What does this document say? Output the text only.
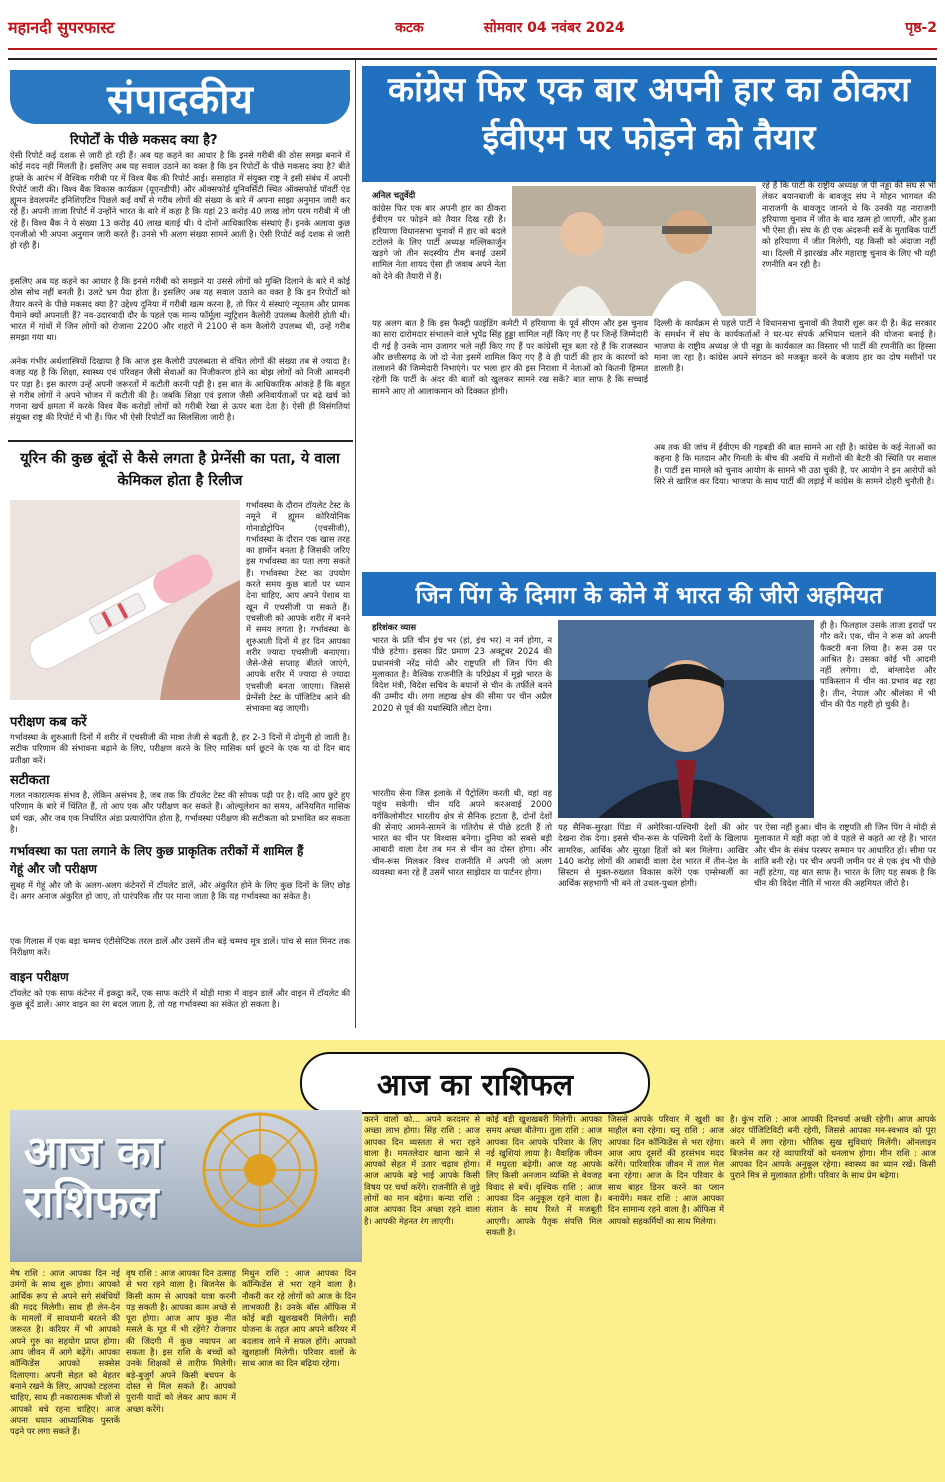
महानदी सुपरफास्ट	कटक	सोमवार 04 नवंबर 2024	पृष्ठ-2
संपादकीय
रिपोर्टों के पीछे मकसद क्या है?
ऐसी रिपोर्ट कई दशक से जारी हो रही हैं। अब यह कहने का आधार है कि इनसे गरीबी की ठोस समझ बनाने में कोई मदद नहीं मिलती है। इसलिए अब यह सवाल उठाने का वक्त है कि इन रिपोर्टों के पीछे मकसद क्या है? बीते हफ्ते के आरंभ में वैश्विक गरीबी पर में विश्व बैंक की रिपोर्ट आई। ससाहांत में संयुक्त राष्ट्र ने इसी संबंध में अपनी रिपोर्ट जारी की। विश्व बैंक विकास कार्यक्रम (यूएनडीपी) और ऑक्सफोर्ड यूनिवर्सिटी स्थित ऑक्सफोर्ड पॉवर्टी एंड ह्यूमन डेवलपमेंट इनिशिएटिव पिछले कई वर्षों से गरीब लोगों की संख्या के बारे में अपना साझा अनुमान जारी कर रहे हैं। अपनी ताजा रिपोर्ट में उन्होंने भारत के बारे में कहा है कि यहां 23 करोड़ 40 लाख लोग परम गरीबी में जी रहे हैं। विश्व बैंक ने ये संख्या 13 करोड़ 40 लाख बताई थी। ये दोनों आधिकारिक संस्थाएं हैं। इनके अलावा कुछ एनजीओ भी अपना अनुमान जारी करते हैं। उनसे भी अलग संख्या सामने आती है। ऐसी रिपोर्ट कई दशक से जारी हो रही हैं।
इसलिए अब यह कहने का आधार है कि इनसे गरीबी को समझने या उससे लोगों को मुक्ति दिलाने के बारे में कोई ठोस सोच नहीं बनती है। उलटे भ्रम पैदा होता है। इसलिए अब यह सवाल उठाने का वक्त है कि इन रिपोर्टों को तैयार करने के पीछे मकसद क्या है? उद्देश्य दुनिया में गरीबी खत्म करना है, तो फिर ये संस्थाएं न्यूनतम और प्रामक पैमाने क्यों अपनाती हैं? नव-उदारवादी दौर के पहले एक मान्य फॉर्मूला न्यूट्रिशन कैलोरी उपलब्ध कैलोरी होती थी। भारत में गांवों में जिन लोगों को रोजाना 2200 और शहरों में 2100 से कम कैलोरी उपलब्ध थी, उन्हें गरीब समझा गया था।
अनेक गंभीर अर्थशास्त्रियों दिखाया है कि आज इस कैलोरी उपलब्धता से वंचित लोगों की संख्या तब से ज्यादा है। वजह यह है कि शिक्षा, स्वास्थ्य एवं परिवहन जैसी सेवाओं का निजीकरण होने का बोझ लोगों को निजी आमदनी पर पड़ा है। इस कारण उन्हें अपनी जरूरतों में कटौती करनी पड़ी है। इस बात के आधिकारिक आंकड़े हैं कि बहुत से गरीब लोगों ने अपने भोजन में कटौती की है। जबकि शिक्षा एवं इलाज जैसी अनिवार्यताओं पर बढ़े खर्च को गणना खर्च क्षमता में करके विश्व बैंक करोड़ों लोगों को गरीबी रेखा से ऊपर बता देता है। ऐसी ही विसंगतियां संयुक्त राष्ट्र की रिपोर्ट में भी हैं। फिर भी ऐसी रिपोर्टों का सिलसिला जारी है।
यूरिन की कुछ बूंदों से कैसे लगता है प्रेग्नेंसी का पता, ये वाला केमिकल होता है रिलीज
गर्भावस्था के दौरान टॉयलेट टेस्ट के नमूने में ह्यूमन कोरियोनिक गोनाडोट्रोपिन (एचसीजी), गर्भावस्था के दौरान एक खास तरह का हार्मोन बनता है जिसकी जरिए इस गर्भावस्था का पता लगा सकते हैं। गर्भावस्था टेस्ट का उपयोग करते समय कुछ बातों पर ध्यान देना चाहिए, आप अपने पेशाब या खून में एचसीजी पा सकते हैं। एचसीजी को आपके शरीर में बनने में समय लगता है। गर्भावस्था के शुरुआती दिनों में हर दिन आपका शरीर ज्यादा एचसीजी बनाएगा। जैसे-जैसे सप्ताह बीतते जाएंगे, आपके शरीर में ज्यादा से ज्यादा एचसीजी बनता जाएगा। जिससे प्रेग्नेंसी टेस्ट के पॉजिटिव आने की संभावना बढ़ जाएगी।
परीक्षण कब करें
गर्भावस्था के शुरुआती दिनों में शरीर में एचसीजी की मात्रा तेजी से बढ़ती है, हर 2-3 दिनों में दोगुनी हो जाती है। सटीक परिणाम की संभावना बढ़ाने के लिए, परीक्षण करने के लिए मासिक धर्म छूटने के एक या दो दिन बाद प्रतीक्षा करें।
सटीकता
गलत नकारात्मक संभव है, लेकिन असंभव है, जब तक कि टॉयलेट टेस्ट की सोपक पढ़ी पर है। यदि आप छुटे हुए परिणाम के बारे में चिंतित हैं, तो आप एक और परीक्षण कर सकते हैं। ओल्यूलेशन का समय, अनियमित मासिक धर्म चक्र, और जब एक निर्धारित अंडा प्रत्यारोपित होता है, गर्भावस्था परीक्षण की सटीकता को प्रभावित कर सकता है।
गर्भावस्था का पता लगाने के लिए कुछ प्राकृतिक तरीकों में शामिल हैं
गेहूं और जौ परीक्षण
सुबह में गेहूं और जौ के अलग-अलग कंटेनरों में टॉयलेट डालें, और अंकुरित होने के लिए कुछ दिनों के लिए छोड़ दें। अगर अनाज अंकुरित हो जाए, तो पारंपरिक तौर पर माना जाता है कि यह गर्भावस्था का संकेत है।
एक गिलास में एक बड़ा चम्मच एंटीसेप्टिक तरल डालें और उसमें तीन बड़े चम्मच मूत्र डालें। पांच से सात मिनट तक निरीक्षण करें।
वाइन परीक्षण
टॉयलेट को एक साफ कंटेनर में इकट्ठा करें, एक साफ कटोरे में थोड़ी मात्रा में वाइन डालें और वाइन में टॉयलेट की कुछ बूंदें डालें। अगर वाइन का रंग बदल जाता है, तो यह गर्भावस्था का संकेत हो सकता है।
कांग्रेस फिर एक बार अपनी हार का ठीकरा
ईवीएम पर फोड़ने को तैयार
अनिल चतुर्वेदी
कांग्रेस फिर एक बार अपनी हार का ठीकरा ईवीएम पर फोड़ने को तैयार दिख रही है। हरियाणा विधानसभा चुनावों में हार को बदले टटोलने के लिए पार्टी अध्यक्ष मल्लिकार्जुन खड़गे जो तीन सदस्यीय टीम बनाई उसमें शामिल नेता शायद ऐसा ही जवाब अपने नेता को देने की तैयारी में हैं।
रहे हैं कि पार्टी के राष्ट्रीय अध्यक्ष जे पी नड्डा की संघ से भी लेकर बयानबाजी के बावजूद संघ ने मोहन भागवत की नाराजगी के बावजूद जानते थे कि उनकी यह नाराजगी हरियाणा चुनाव में जीत के बाद खत्म हो जाएगी, और हुआ भी ऐसा ही। संघ के ही एक अंदरूनी सर्वे के मुताबिक पार्टी को हरियाणा में जीत मिलेगी, यह किसी को अंदाजा नहीं था। दिल्ली में झारखंड और महाराष्ट्र चुनाव के लिए भी यही रणनीति बन रही है।
यह अलग बात है कि इस फैक्ट्री फाइंडिंग कमेटी में हरियाणा के पूर्व सीएम और इस चुनाव का सारा दारोमदार संभालने वाले भूपेंद्र सिंह हुड्डा शामिल नहीं किए गए हैं पर जिन्हें जिम्मेदारी दी गई है उनके नाम उजागर भले नहीं किए गए हैं पर कांग्रेसी सूत्र बता रहे हैं कि राजस्थान और छत्तीसगढ़ के जो दो नेता इसमें शामिल किए गए हैं वे ही पार्टी की हार के कारणों को तलाशने की जिम्मेदारी निभाएंगे। पर भला हार की इस निराशा में नेताओं को कितनी हिम्मत रहेगी कि पार्टी के अंदर की बातों को खुलकर सामने रख सकें? बात साफ है कि सच्चाई सामने आए तो आलाकमान को दिक्कत होगी।
दिल्ली के कार्यक्रम से पहले पार्टी ने विधानसभा चुनावों की तैयारी शुरू कर दी है। केंद्र सरकार के समर्थन में संघ के कार्यकर्ताओं ने घर-घर संपर्क अभियान चलाने की योजना बनाई है। भाजपा के राष्ट्रीय अध्यक्ष जे पी नड्डा के कार्यकाल का विस्तार भी पार्टी की रणनीति का हिस्सा माना जा रहा है। कांग्रेस अपने संगठन को मजबूत करने के बजाय हार का दोष मशीनों पर डालती है।
अब तक की जांच में ईवीएम की गड़बड़ी की बात सामने आ रही है। कांग्रेस के कई नेताओं का कहना है कि मतदान और गिनती के बीच की अवधि में मशीनों की बैटरी की स्थिति पर सवाल हैं। पार्टी इस मामले को चुनाव आयोग के सामने भी उठा चुकी है, पर आयोग ने इन आरोपों को सिरे से खारिज कर दिया। भाजपा के साथ पार्टी की लड़ाई में कांग्रेस के सामने दोहरी चुनौती है।
जिन पिंग के दिमाग के कोने में भारत की जीरो अहमियत
हरिशंकर व्यास
भारत के प्रति चीन इंच भर (हां, इंच भर) न नर्म होगा, न पीछे हटेगा। इसका प्रिंट प्रमाण 23 अक्टूबर 2024 की प्रधानमंत्री नरेंद्र मोदी और राष्ट्रपति शी जिन पिंग की मुलाकात है। वैश्विक राजनीति के परिप्रेक्ष्य में मुझे भारत के विदेश मंत्री, विदेश सचिव के बयानों से चीन के तर्फीले बनने की उम्मीद थी। लगा लद्दाख क्षेत्र की सीमा पर चीन अप्रैल 2020 से पूर्व की यथास्थिति लौटा देगा।
ही है। फिलहाल उसके ताजा इरादों पर गौर करें। एक, चीन ने रूस को अपनी फैक्टरी बना लिया है। रूस उस पर आश्रित है। उसका कोई भी आदमी नहीं लगेगा। दो, बांग्लादेश और पाकिस्तान में चीन का प्रभाव बढ़ रहा है। तीन, नेपाल और श्रीलंका में भी चीन की पैठ गहरी हो चुकी है।
भारतीय सेना जिस इलाके में पैट्रोलिंग करती थी, वहां वह पहुंच सकेगी। चीन यदि अपने करअवाई 2000 वर्गकिलोमीटर भारतीय क्षेत्र से सैनिक हटाता है, दोनों देशों की सेनाएं आमने-सामने के गतिरोध से पीछे हटती हैं तो भारत का चीन पर विश्वास बनेगा। दुनिया को सबसे बड़ी आबादी वाला देश तब मन से चीन का दोस्त होगा। और चीन-रूस मिलकर विश्व राजनीति में अपनी जो अलग व्यवस्था बना रहे हैं उसमें भारत साझेदार या पार्टनर होगा।
यह सैनिक-सुरक्षा पिंडा में अमेरिका-पश्चिमी देशों की ओर देखना रोक देगा। इससे चीन-रूस के पश्चिमी देशों के खिलाफ सामरिक, आर्थिक और सुरक्षा हितों को बल मिलेगा। आखिर 140 करोड़ लोगों की आबादी वाला देश भारत में तीन-देश के सिस्टम से मुक्त-रुख्शत विकास करेंगे एक एम्सेम्बर्ली का आर्थिक सहभागी भी बने तो उथल-पुथल होगी।
पर ऐसा नहीं हुआ। चीन के राष्ट्रपति शी जिन पिंग ने मोदी से मुलाकात में वही कहा जो वे पहले से कहते आ रहे हैं। भारत और चीन के संबंध परस्पर सम्मान पर आधारित हों। सीमा पर शांति बनी रहे। पर चीन अपनी जमीन पर से एक इंच भी पीछे नहीं हटेगा, यह बात साफ है। भारत के लिए यह सबक है कि चीन की विदेश नीति में भारत की अहमियत जीरो है।
आज का राशिफल
आज का
राशिफल
मेष राशि : आज आपका दिन नई उमंगों के साथ शुरू होगा। आपको आर्थिक रूप से अपने सगे संबंधियों की मदद मिलेगी। साथ ही लेन-देन के मामलों में सावधानी बरतने की जरूरत है। करियर में भी आपको अपने गुरु का सहयोग प्राप्त होगा। आप जीवन में आगे बढ़ेंगे। आपका कॉन्फिडेंस आपको सक्सेस दिलाएगा। अपनी सेहत को बेहतर बनाने रखने के लिए, आपको टहलना चाहिए, साथ ही नकारात्मक चीजों से आपको बचे रहना चाहिए। आज अपना धयान आध्यात्मिक पुस्तकें पढ़ने पर लगा सकते हैं।
वृष राशि : आज आपका दिन उत्साह से भरा रहने वाला है। बिजनेस के किसी काम से आपको यात्रा करनी पड़ सकती है। आपका काम अच्छे से पूरा होगा। आज आप कुछ नीत मसले के मूड में भी रहेंगे? रोजगार की जिंदगी में कुछ नयापन आ सकता है। इस राशि के बच्चों को उनके शिक्षकों से तारीफ मिलेगी। बड़े-बुजुर्ग अपने किसी बचपन के दोस्त से मिल सकते हैं। आपको पुरानी यादों को लेकर आप काम में अच्छा करेंगे।
मिथुन राशि : आज आपका दिन कॉन्फिडेंस से भरा रहने वाला है। नौकरी कर रहे लोगों को आज के दिन लाभकारी है। उनके बॉस ऑफिस में कोई बड़ी खुशखबरी मिलेगी। सही योजना के तहत आप अपने करियर में बदलाव लाने में सफल होंगे। आपको खुशहाली मिलेगी। परिवार वालों के साथ आज का दिन बढ़िया रहेगा।
करने वालों को... अपने करदमर से अच्छा लाभ होगा। सिंह राशि : आज आपका दिन व्यस्तता से भरा रहने वाला है। ममतलेदार खाना खाने से आपको सेहत में उतार चढ़ाव होगा। आज आपके बड़े भाई आपके किसी विषय पर चर्चा करेंगे। राजनीति से जुड़े लोगों का मान बढ़ेगा। कन्या राशि : आज आपका दिन अच्छा रहने वाला है। आपकी मेहनत रंग लाएगी।
कोई बड़ी खुशखबरी मिलेगी। आपका समय अच्छा बीतेगा। तुला राशि : आज आपका दिन आपके परिवार के लिए नई खुशियां लाया है। वैवाहिक जीवन में मधुरता बढ़ेगी। आज यह आपके लिए किसी अनजान व्यक्ति से बेवजह विवाद से बचें। वृश्चिक राशि : आज आपका दिन अनुकूल रहने वाला है। संतान के साथ रिश्ते में मजबूती आएगी। आपके पैतृक संपत्ति मिल सकती है।
जिससे आपके परिवार में खुशी का माहौल बना रहेगा। धनु राशि : आज आपका दिन कॉन्फिडेंस से भरा रहेगा। आज आप दूसरों की हरसंभव मदद करेंगे। पारिवारिक जीवन में ताल मेल बना रहेगा। आज के दिन परिवार के साथ बाहर डिनर करने का प्लान बनायेंगे। मकर राशि : आज आपका दिन सामान्य रहने वाला है। ऑफिस में आपको सहकर्मियों का साथ मिलेगा।
है। कुंभ राशि : आज आपकी दिनचर्या अच्छी रहेगी। आज आपके अंदर पॉजिटिविटी बनी रहेगी, जिससे आपका मन-स्वभाव को पूरा करने में लगा रहेगा। भौतिक सुख सुविधाएं मिलेंगी। ऑनलाइन बिजनेस कर रहे व्यापारियों को धनलाभ होगा। मीन राशि : आज आपका दिन आपके अनुकूल रहेगा। स्वास्थ्य का ध्यान रखें। किसी पुराने मित्र से मुलाकात होगी। परिवार के साथ प्रेम बढ़ेगा।
